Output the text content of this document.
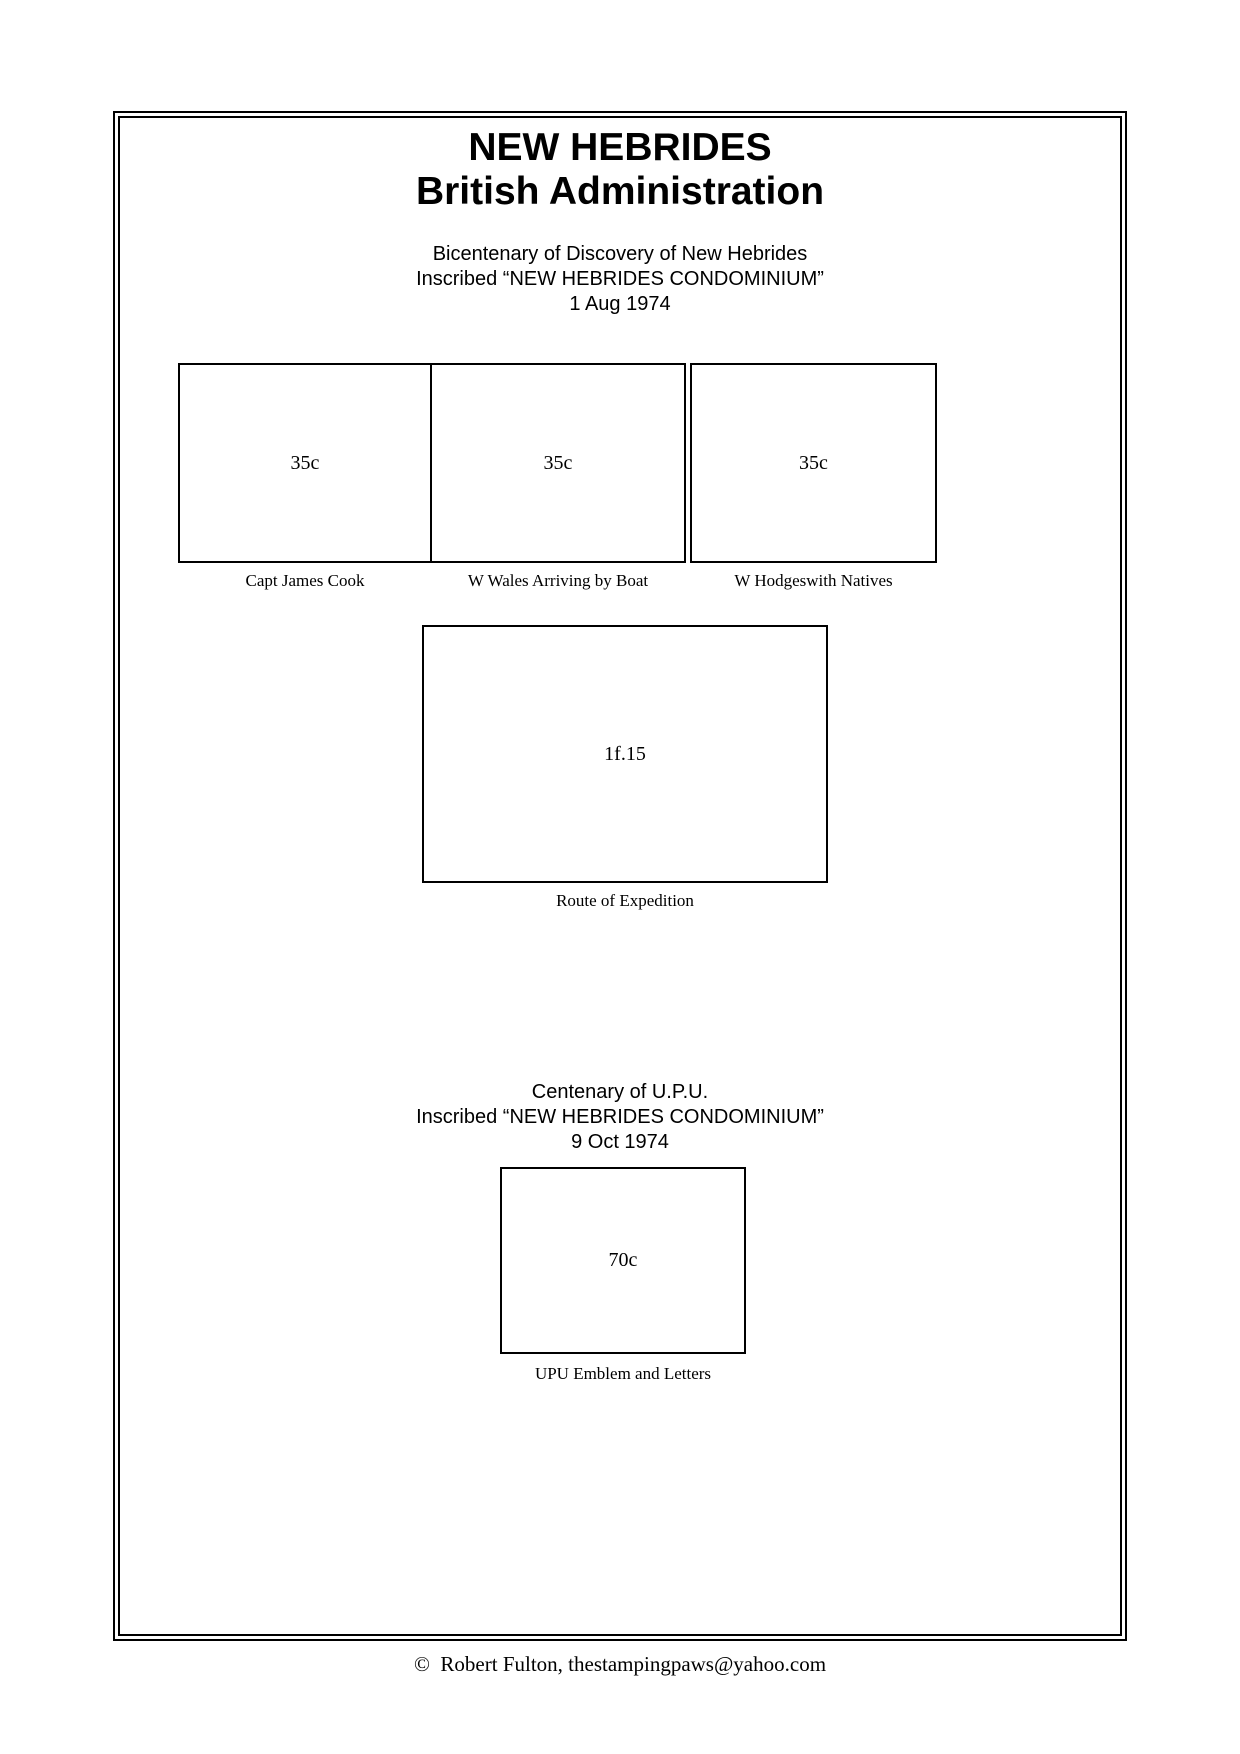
NEW HEBRIDES
British Administration
Bicentenary of Discovery of New Hebrides
Inscribed “NEW HEBRIDES CONDOMINIUM”
1 Aug 1974
35c	35c	35c
Capt James Cook	W Wales Arriving by Boat	W Hodgeswith Natives
1f.15
Route of Expedition
Centenary of U.P.U.
Inscribed “NEW HEBRIDES CONDOMINIUM”
9 Oct 1974
70c
UPU Emblem and Letters
©  Robert Fulton, thestampingpaws@yahoo.com
